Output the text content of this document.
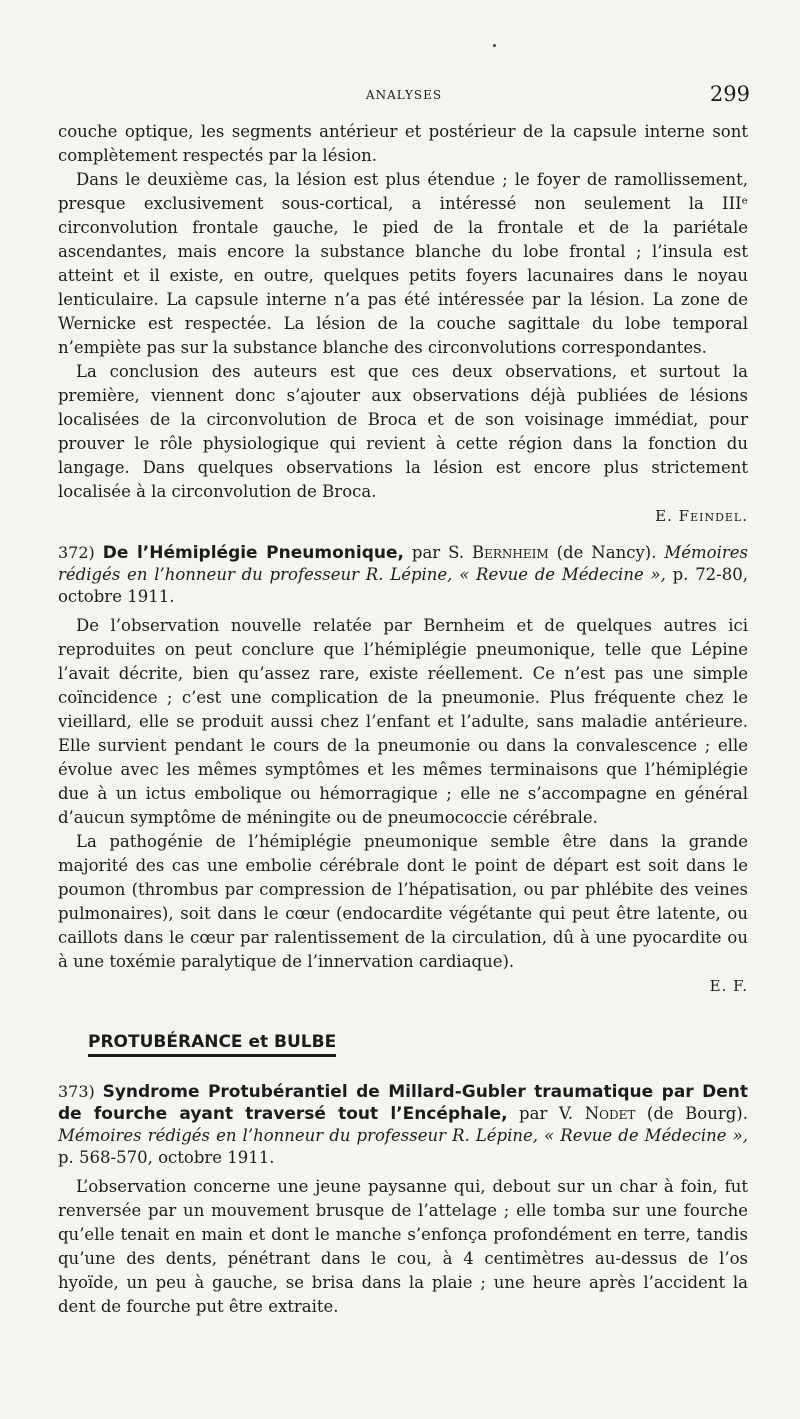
ANALYSES	299

couche optique, les segments antérieur et postérieur de la capsule interne sont complètement respectés par la lésion.

Dans le deuxième cas, la lésion est plus étendue ; le foyer de ramollissement, presque exclusivement sous-cortical, a intéressé non seulement la IIIᵉ circonvolution frontale gauche, le pied de la frontale et de la pariétale ascendantes, mais encore la substance blanche du lobe frontal ; l’insula est atteint et il existe, en outre, quelques petits foyers lacunaires dans le noyau lenticulaire. La capsule interne n’a pas été intéressée par la lésion. La zone de Wernicke est respectée. La lésion de la couche sagittale du lobe temporal n’empiète pas sur la substance blanche des circonvolutions correspondantes.

La conclusion des auteurs est que ces deux observations, et surtout la première, viennent donc s’ajouter aux observations déjà publiées de lésions localisées de la circonvolution de Broca et de son voisinage immédiat, pour prouver le rôle physiologique qui revient à cette région dans la fonction du langage. Dans quelques observations la lésion est encore plus strictement localisée à la circonvolution de Broca.

E. Feindel.
372) De l’Hémiplégie Pneumonique, par S. Bernheim (de Nancy). Mémoires rédigés en l’honneur du professeur R. Lépine, « Revue de Médecine », p. 72-80, octobre 1911.

De l’observation nouvelle relatée par Bernheim et de quelques autres ici reproduites on peut conclure que l’hémiplégie pneumonique, telle que Lépine l’avait décrite, bien qu’assez rare, existe réellement. Ce n’est pas une simple coïncidence ; c’est une complication de la pneumonie. Plus fréquente chez le vieillard, elle se produit aussi chez l’enfant et l’adulte, sans maladie antérieure. Elle survient pendant le cours de la pneumonie ou dans la convalescence ; elle évolue avec les mêmes symptômes et les mêmes terminaisons que l’hémiplégie due à un ictus embolique ou hémorragique ; elle ne s’accompagne en général d’aucun symptôme de méningite ou de pneumococcie cérébrale.

La pathogénie de l’hémiplégie pneumonique semble être dans la grande majorité des cas une embolie cérébrale dont le point de départ est soit dans le poumon (thrombus par compression de l’hépatisation, ou par phlébite des veines pulmonaires), soit dans le cœur (endocardite végétante qui peut être latente, ou caillots dans le cœur par ralentissement de la circulation, dû à une pyocardite ou à une toxémie paralytique de l’innervation cardiaque).

E. F.
PROTUBÉRANCE et BULBE
373) Syndrome Protubérantiel de Millard-Gubler traumatique par Dent de fourche ayant traversé tout l’Encéphale, par V. Nodet (de Bourg). Mémoires rédigés en l’honneur du professeur R. Lépine, « Revue de Médecine », p. 568-570, octobre 1911.

L’observation concerne une jeune paysanne qui, debout sur un char à foin, fut renversée par un mouvement brusque de l’attelage ; elle tomba sur une fourche qu’elle tenait en main et dont le manche s’enfonça profondément en terre, tandis qu’une des dents, pénétrant dans le cou, à 4 centimètres au-dessus de l’os hyoïde, un peu à gauche, se brisa dans la plaie ; une heure après l’accident la dent de fourche put être extraite.
